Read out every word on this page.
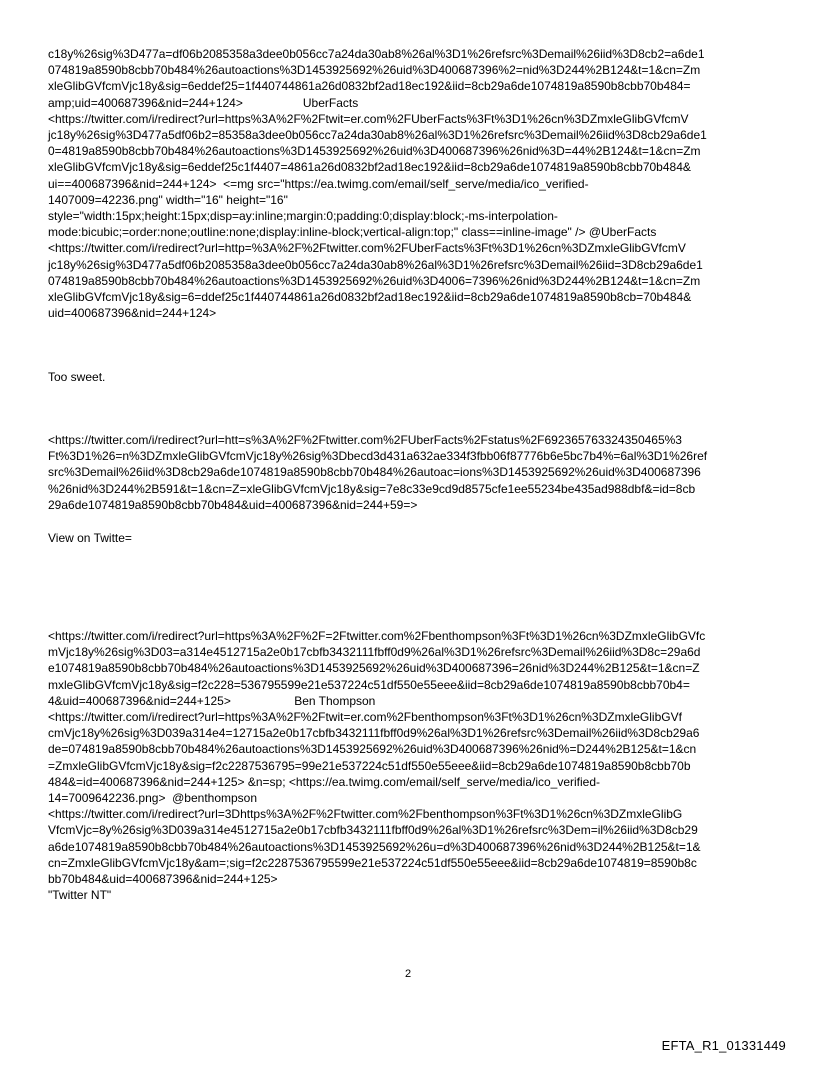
c18y%26sig%3D477a=df06b2085358a3dee0b056cc7a24da30ab8%26al%3D1%26refsrc%3Demail%26iid%3D8cb2=a6de1
074819a8590b8cbb70b484%26autoactions%3D1453925692%26uid%3D400687396%2=nid%3D244%2B124&t=1&cn=Zm
xleGlibGVfcmVjc18y&sig=6eddef25=1f440744861a26d0832bf2ad18ec192&iid=8cb29a6de1074819a8590b8cbb70b484=
amp;uid=400687396&nid=244+124>                  UberFacts
<https://twitter.com/i/redirect?url=https%3A%2F%2Ftwit=er.com%2FUberFacts%3Ft%3D1%26cn%3DZmxleGlibGVfcmV
jc18y%26sig%3D477a5df06b2=85358a3dee0b056cc7a24da30ab8%26al%3D1%26refsrc%3Demail%26iid%3D8cb29a6de1
0=4819a8590b8cbb70b484%26autoactions%3D1453925692%26uid%3D400687396%26nid%3D=44%2B124&t=1&cn=Zm
xleGlibGVfcmVjc18y&sig=6eddef25c1f4407=4861a26d0832bf2ad18ec192&iid=8cb29a6de1074819a8590b8cbb70b484&
ui==400687396&nid=244+124>  <=mg src="https://ea.twimg.com/email/self_serve/media/ico_verified-
1407009=42236.png" width="16" height="16"
style="width:15px;height:15px;disp=ay:inline;margin:0;padding:0;display:block;-ms-interpolation-
mode:bicubic;=order:none;outline:none;display:inline-block;vertical-align:top;" class==inline-image" /> @UberFacts
<https://twitter.com/i/redirect?url=http=%3A%2F%2Ftwitter.com%2FUberFacts%3Ft%3D1%26cn%3DZmxleGlibGVfcmV
jc18y%26sig%3D477a5df06b2085358a3dee0b056cc7a24da30ab8%26al%3D1%26refsrc%3Demail%26iid=3D8cb29a6de1
074819a8590b8cbb70b484%26autoactions%3D1453925692%26uid%3D4006=7396%26nid%3D244%2B124&t=1&cn=Zm
xleGlibGVfcmVjc18y&sig=6=ddef25c1f440744861a26d0832bf2ad18ec192&iid=8cb29a6de1074819a8590b8cb=70b484&
uid=400687396&nid=244+124>
Too sweet.
<https://twitter.com/i/redirect?url=htt=s%3A%2F%2Ftwitter.com%2FUberFacts%2Fstatus%2F692365763324350465%3
Ft%3D1%26=n%3DZmxleGlibGVfcmVjc18y%26sig%3Dbecd3d431a632ae334f3fbb06f87776b6e5bc7b4%=6al%3D1%26ref
src%3Demail%26iid%3D8cb29a6de1074819a8590b8cbb70b484%26autoac=ions%3D1453925692%26uid%3D400687396
%26nid%3D244%2B591&t=1&cn=Z=xleGlibGVfcmVjc18y&sig=7e8c33e9cd9d8575cfe1ee55234be435ad988dbf&=id=8cb
29a6de1074819a8590b8cbb70b484&uid=400687396&nid=244+59=>
View on Twitte=
<https://twitter.com/i/redirect?url=https%3A%2F%2F=2Ftwitter.com%2Fbenthompson%3Ft%3D1%26cn%3DZmxleGlibGVfc
mVjc18y%26sig%3D03=a314e4512715a2e0b17cbfb3432111fbff0d9%26al%3D1%26refsrc%3Demail%26iid%3D8c=29a6d
e1074819a8590b8cbb70b484%26autoactions%3D1453925692%26uid%3D400687396=26nid%3D244%2B125&t=1&cn=Z
mxleGlibGVfcmVjc18y&sig=f2c228=536795599e21e537224c51df550e55eee&iid=8cb29a6de1074819a8590b8cbb70b4=
4&uid=400687396&nid=244+125>                   Ben Thompson
<https://twitter.com/i/redirect?url=https%3A%2F%2Ftwit=er.com%2Fbenthompson%3Ft%3D1%26cn%3DZmxleGlibGVf
cmVjc18y%26sig%3D039a314e4=12715a2e0b17cbfb3432111fbff0d9%26al%3D1%26refsrc%3Demail%26iid%3D8cb29a6
de=074819a8590b8cbb70b484%26autoactions%3D1453925692%26uid%3D400687396%26nid%=D244%2B125&t=1&cn
=ZmxleGlibGVfcmVjc18y&sig=f2c2287536795=99e21e537224c51df550e55eee&iid=8cb29a6de1074819a8590b8cbb70b
484&=id=400687396&nid=244+125> &n=sp; <https://ea.twimg.com/email/self_serve/media/ico_verified-
14=7009642236.png>  @benthompson
<https://twitter.com/i/redirect?url=3Dhttps%3A%2F%2Ftwitter.com%2Fbenthompson%3Ft%3D1%26cn%3DZmxleGlibG
VfcmVjc=8y%26sig%3D039a314e4512715a2e0b17cbfb3432111fbff0d9%26al%3D1%26refsrc%3Dem=il%26iid%3D8cb29
a6de1074819a8590b8cbb70b484%26autoactions%3D1453925692%26u=d%3D400687396%26nid%3D244%2B125&t=1&
cn=ZmxleGlibGVfcmVjc18y&am=;sig=f2c2287536795599e21e537224c51df550e55eee&iid=8cb29a6de1074819=8590b8c
bb70b484&uid=400687396&nid=244+125>
"Twitter NT"
2
EFTA_R1_01331449
